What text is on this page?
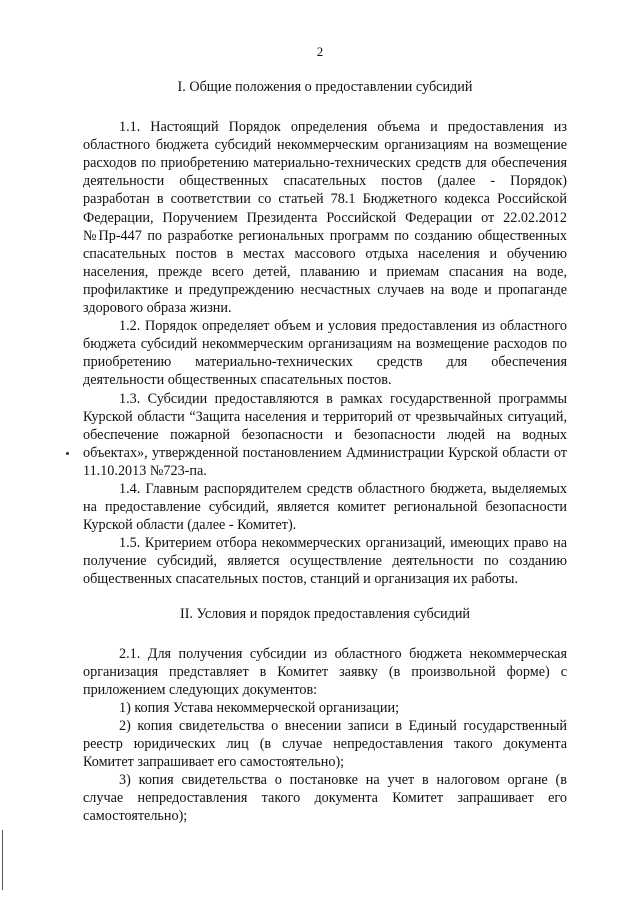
2
I. Общие положения о предоставлении субсидий

1.1. Настоящий Порядок определения объема и предоставления из областного бюджета субсидий некоммерческим организациям на возмещение расходов по приобретению материально-технических средств для обеспечения деятельности общественных спасательных постов (далее - Порядок) разработан в соответствии со статьей 78.1 Бюджетного кодекса Российской Федерации, Поручением Президента Российской Федерации от 22.02.2012 №Пр-447 по разработке региональных программ по созданию общественных спасательных постов в местах массового отдыха населения и обучению населения, прежде всего детей, плаванию и приемам спасания на воде, профилактике и предупреждению несчастных случаев на воде и пропаганде здорового образа жизни.

1.2. Порядок определяет объем и условия предоставления из областного бюджета субсидий некоммерческим организациям на возмещение расходов по приобретению материально-технических средств для обеспечения деятельности общественных спасательных постов.

1.3. Субсидии предоставляются в рамках государственной программы Курской области “Защита населения и территорий от чрезвычайных ситуаций, обеспечение пожарной безопасности и безопасности людей на водных объектах», утвержденной постановлением Администрации Курской области от 11.10.2013 №723-па.

1.4. Главным распорядителем средств областного бюджета, выделяемых на предоставление субсидий, является комитет региональной безопасности Курской области (далее - Комитет).

1.5. Критерием отбора некоммерческих организаций, имеющих право на получение субсидий, является осуществление деятельности по созданию общественных спасательных постов, станций и организация их работы.

II. Условия и порядок предоставления субсидий

2.1. Для получения субсидии из областного бюджета некоммерческая организация представляет в Комитет заявку (в произвольной форме) с приложением следующих документов:

1) копия Устава некоммерческой организации;

2) копия свидетельства о внесении записи в Единый государственный реестр юридических лиц (в случае непредоставления такого документа Комитет запрашивает его самостоятельно);

3) копия свидетельства о постановке на учет в налоговом органе (в случае непредоставления такого документа Комитет запрашивает его самостоятельно);
